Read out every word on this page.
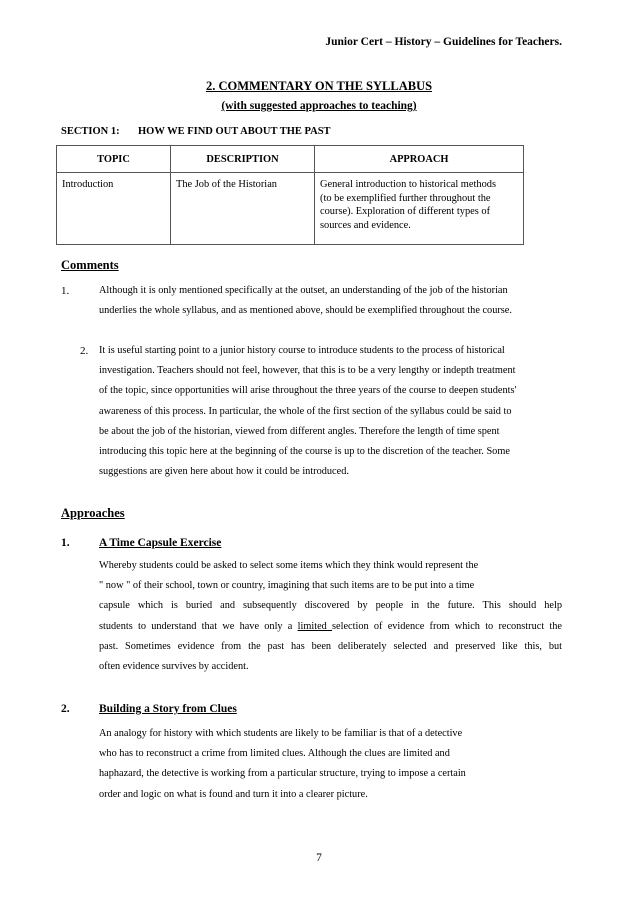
Junior Cert – History – Guidelines for Teachers.
2. COMMENTARY ON THE SYLLABUS
(with suggested approaches to teaching)
SECTION 1: HOW WE FIND OUT ABOUT THE PAST
TOPIC	DESCRIPTION	APPROACH
Introduction	The Job of the Historian	General introduction to historical methods
(to be exemplified further throughout the
course). Exploration of different types of
sources and evidence.
Comments
1.	Although it is only mentioned specifically at the outset, an understanding of the job of the historian
underlies the whole syllabus, and as mentioned above, should be exemplified throughout the course.
2. It is useful starting point to a junior history course to introduce students to the process of historical
investigation. Teachers should not feel, however, that this is to be a very lengthy or indepth treatment
of the topic, since opportunities will arise throughout the three years of the course to deepen students'
awareness of this process. In particular, the whole of the first section of the syllabus could be said to
be about the job of the historian, viewed from different angles. Therefore the length of time spent
introducing this topic here at the beginning of the course is up to the discretion of the teacher. Some
suggestions are given here about how it could be introduced.
Approaches
1.	A Time Capsule Exercise
Whereby students could be asked to select some items which they think would represent the
" now " of their school, town or country, imagining that such items are to be put into a time
capsule which is buried and subsequently discovered by people in the future. This should help
students to understand that we have only a limited selection of evidence from which to reconstruct the
past. Sometimes evidence from the past has been deliberately selected and preserved like this, but
often evidence survives by accident.
2.	Building a Story from Clues
An analogy for history with which students are likely to be familiar is that of a detective
who has to reconstruct a crime from limited clues. Although the clues are limited and
haphazard, the detective is working from a particular structure, trying to impose a certain
order and logic on what is found and turn it into a clearer picture.
7
